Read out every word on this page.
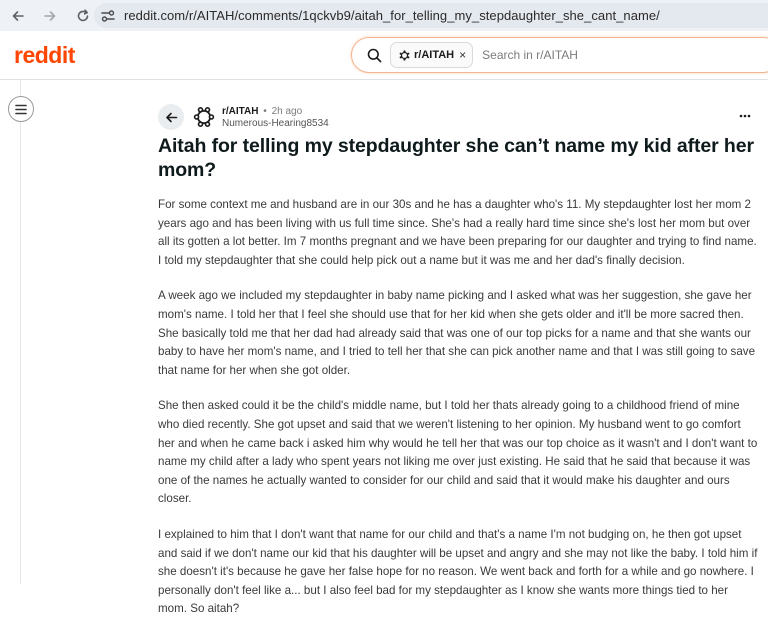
reddit.com/r/AITAH/comments/1qckvb9/aitah_for_telling_my_stepdaughter_she_cant_name/
reddit	r/AITAH ×
Search in r/AITAH
r/AITAH • 2h ago
Numerous-Hearing8534
Aitah for telling my stepdaughter she can’t name my kid after her mom?

For some context me and husband are in our 30s and he has a daughter who's 11. My stepdaughter lost her mom 2 years ago and has been living with us full time since. She's had a really hard time since she's lost her mom but over all its gotten a lot better. Im 7 months pregnant and we have been preparing for our daughter and trying to find name. I told my stepdaughter that she could help pick out a name but it was me and her dad's finally decision.

A week ago we included my stepdaughter in baby name picking and I asked what was her suggestion, she gave her mom's name. I told her that I feel she should use that for her kid when she gets older and it'll be more sacred then. She basically told me that her dad had already said that was one of our top picks for a name and that she wants our baby to have her mom's name, and I tried to tell her that she can pick another name and that I was still going to save that name for her when she got older.

She then asked could it be the child's middle name, but I told her thats already going to a childhood friend of mine who died recently. She got upset and said that we weren't listening to her opinion. My husband went to go comfort her and when he came back i asked him why would he tell her that was our top choice as it wasn't and I don't want to name my child after a lady who spent years not liking me over just existing. He said that he said that because it was one of the names he actually wanted to consider for our child and said that it would make his daughter and ours closer.

I explained to him that I don't want that name for our child and that's a name I'm not budging on, he then got upset and said if we don't name our kid that his daughter will be upset and angry and she may not like the baby. I told him if she doesn't it's because he gave her false hope for no reason. We went back and forth for a while and go nowhere. I personally don't feel like a... but I also feel bad for my stepdaughter as I know she wants more things tied to her mom. So aitah?
